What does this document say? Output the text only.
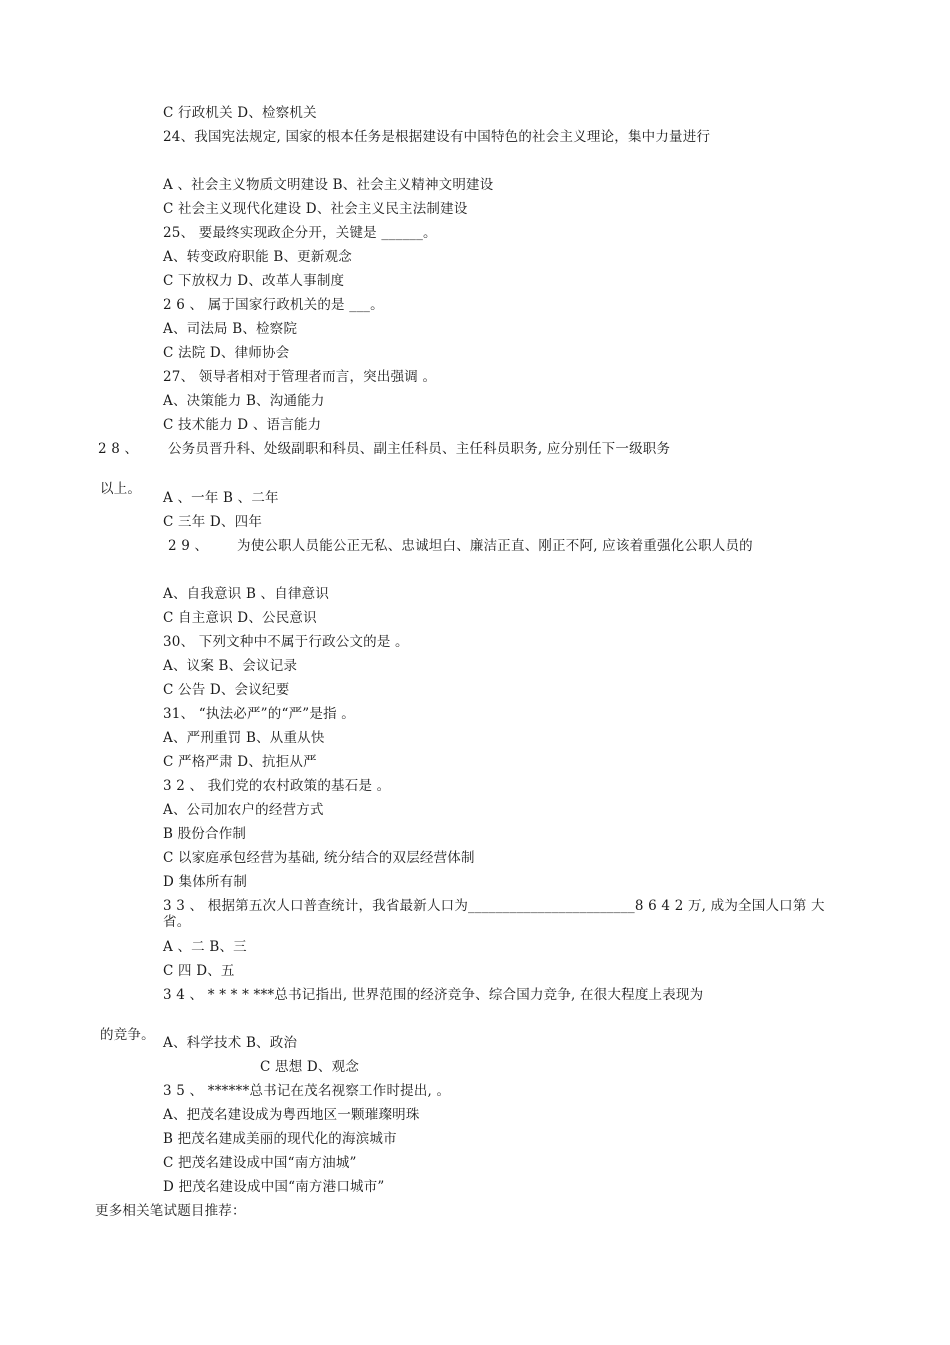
C 行政机关 D、检察机关
24、我国宪法规定, 国家的根本任务是根据建设有中国特色的社会主义理论，集中力量进行
A 、社会主义物质文明建设 ﻿B、社会主义精神文明建设
C 社会主义现代化建设 ﻿D、社会主义民主法制建设
25、 要最终实现政企分开，关键是 ______。
A、转变政府职能 B、更新观念
C 下放权力 D、改革人事制度
2 6 、 属于国家行政机关的是 ___。
A、司法局 B、检察院
C 法院 D、律师协会
27、 领导者相对于管理者而言，突出强调 ﻿。
A、决策能力 B、沟通能力
C 技术能力 D 、语言能力
2 8 、 公务员晋升科、处级副职和科员、副主任科员、主任科员职务, 应分别任下一级职务
以上。
A 、一年 B 、二年
C 三年 D、四年
2 9 、 为使公职人员能公正无私、忠诚坦白、廉洁正直、刚正不阿, 应该着重强化公职人员的
A、自我意识 B 、自律意识
C 自主意识 D、公民意识
30、 下列文种中不属于行政公文的是 。
A、议案 B、会议记录
C 公告 D、会议纪要
31、 “执法必严”的“严”是指 ﻿。
A、严刑重罚 B、从重从快
C 严格严肃 D、抗拒从严
3 2 、 我们党的农村政策的基石是 ﻿。
A、公司加农户的经营方式
B 股份合作制
C 以家庭承包经营为基础, 统分结合的双层经营体制
D 集体所有制
3 3 、 根据第五次人口普查统计，我省最新人口为________________________8 6 4 2 万, 成为全国人口第 ﻿大省。
A 、二 B、三
C 四 D、五
3 4 、 ﻿* * * * ***总书记指出, 世界范围的经济竞争、综合国力竞争, 在很大程度上表现为
的竞争。 A、科学技术 B、政治
C 思想 D、观念
3 5 、 ******总书记在茂名视察工作时提出, ﻿。
A、把茂名建设成为粤西地区一颗璀璨明珠
B 把茂名建成美丽的现代化的海滨城市
C 把茂名建设成中国“南方油城”
D 把茂名建设成中国“南方港口城市” ﻿
更多相关笔试题目推荐：
